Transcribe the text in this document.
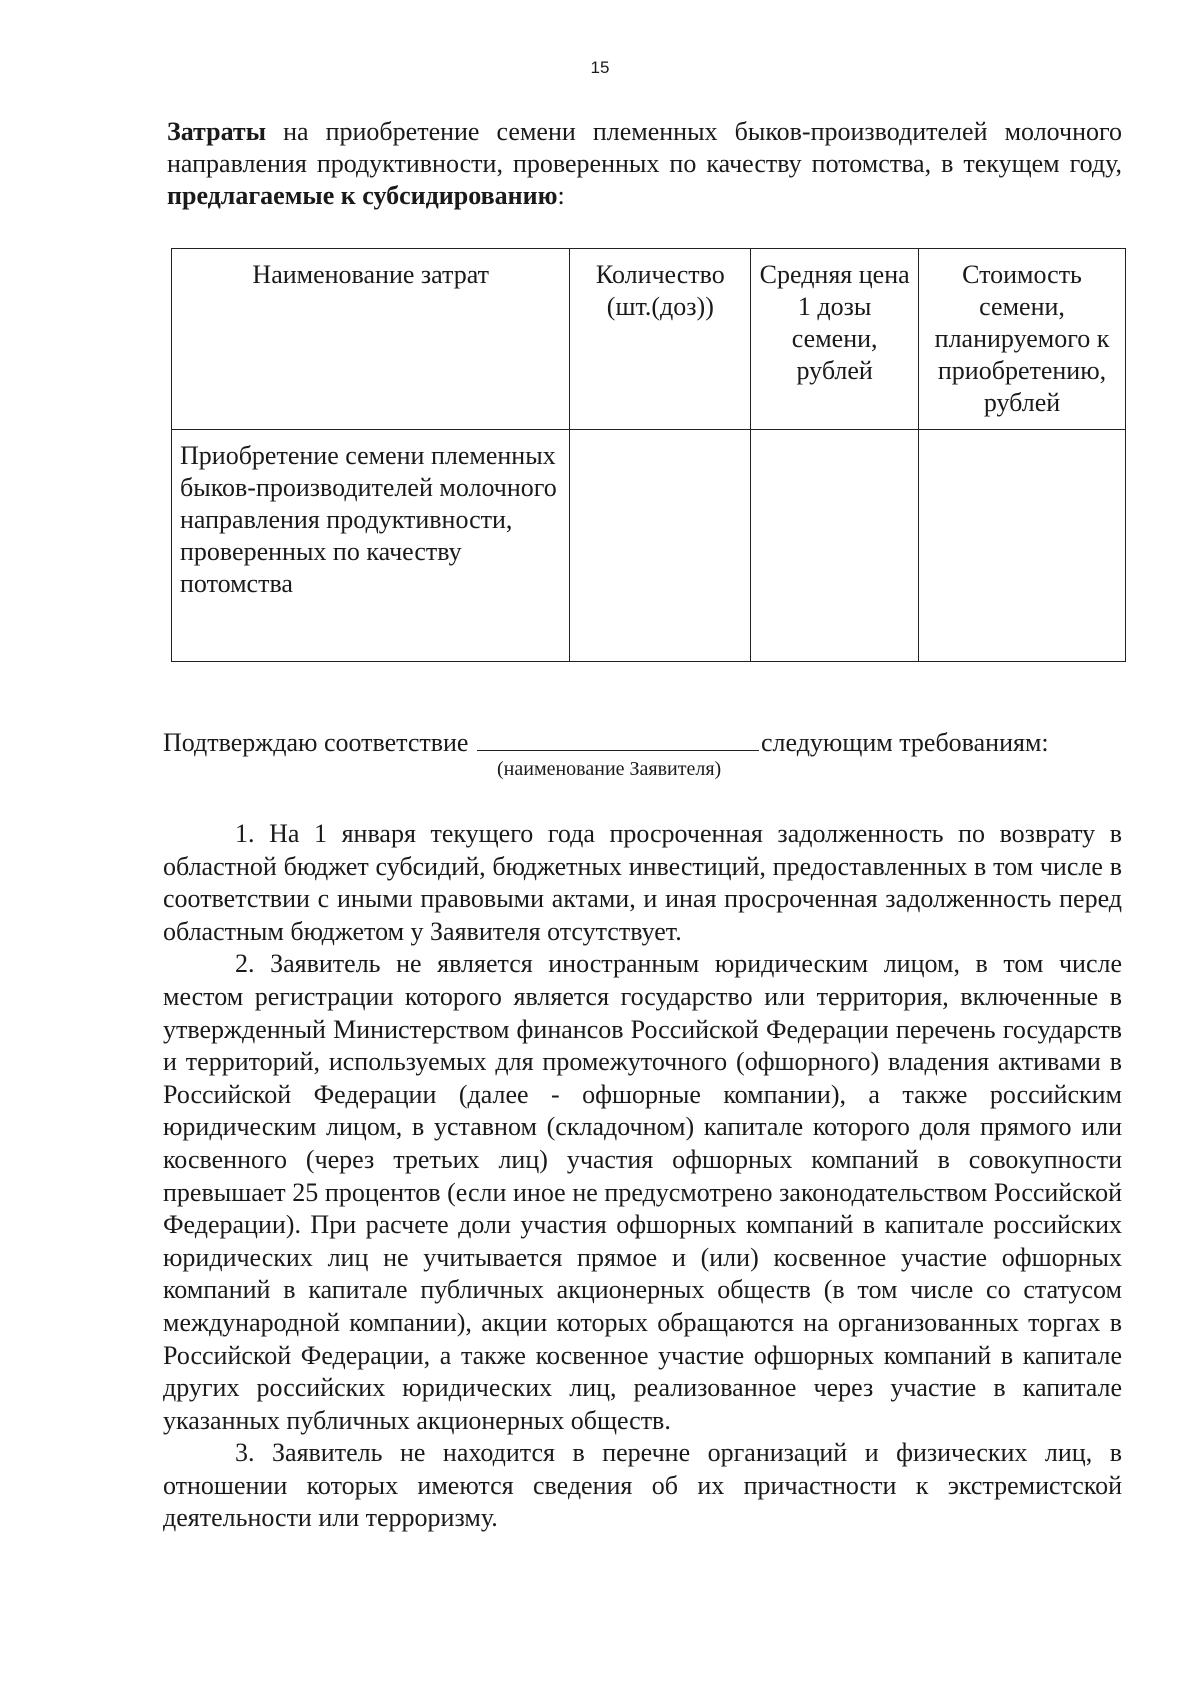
15
Затраты на приобретение семени племенных быков-производителей молочного направления продуктивности, проверенных по качеству потомства, в текущем году, предлагаемые к субсидированию:
Наименование затрат	Количество (шт.(доз))	Средняя цена 1 дозы семени, рублей	Стоимость семени, планируемого к приобретению, рублей
Приобретение семени племенных быков-производителей молочного направления продуктивности, проверенных по качеству потомства			
Подтверждаю соответствие	следующим требованиям:
(наименование Заявителя)

1. На 1 января текущего года просроченная задолженность по возврату в областной бюджет субсидий, бюджетных инвестиций, предоставленных в том числе в соответствии с иными правовыми актами, и иная просроченная задолженность перед областным бюджетом у Заявителя отсутствует.

2. Заявитель не является иностранным юридическим лицом, в том числе местом регистрации которого является государство или территория, включенные в утвержденный Министерством финансов Российской Федерации перечень государств и территорий, используемых для промежуточного (офшорного) владения активами в Российской Федерации (далее - офшорные компании), а также российским юридическим лицом, в уставном (складочном) капитале которого доля прямого или косвенного (через третьих лиц) участия офшорных компаний в совокупности превышает 25 процентов (если иное не предусмотрено законодательством Российской Федерации). При расчете доли участия офшорных компаний в капитале российских юридических лиц не учитывается прямое и (или) косвенное участие офшорных компаний в капитале публичных акционерных обществ (в том числе со статусом международной компании), акции которых обращаются на организованных торгах в Российской Федерации, а также косвенное участие офшорных компаний в капитале других российских юридических лиц, реализованное через участие в капитале указанных публичных акционерных обществ.

3. Заявитель не находится в перечне организаций и физических лиц, в отношении которых имеются сведения об их причастности к экстремистской деятельности или терроризму.
